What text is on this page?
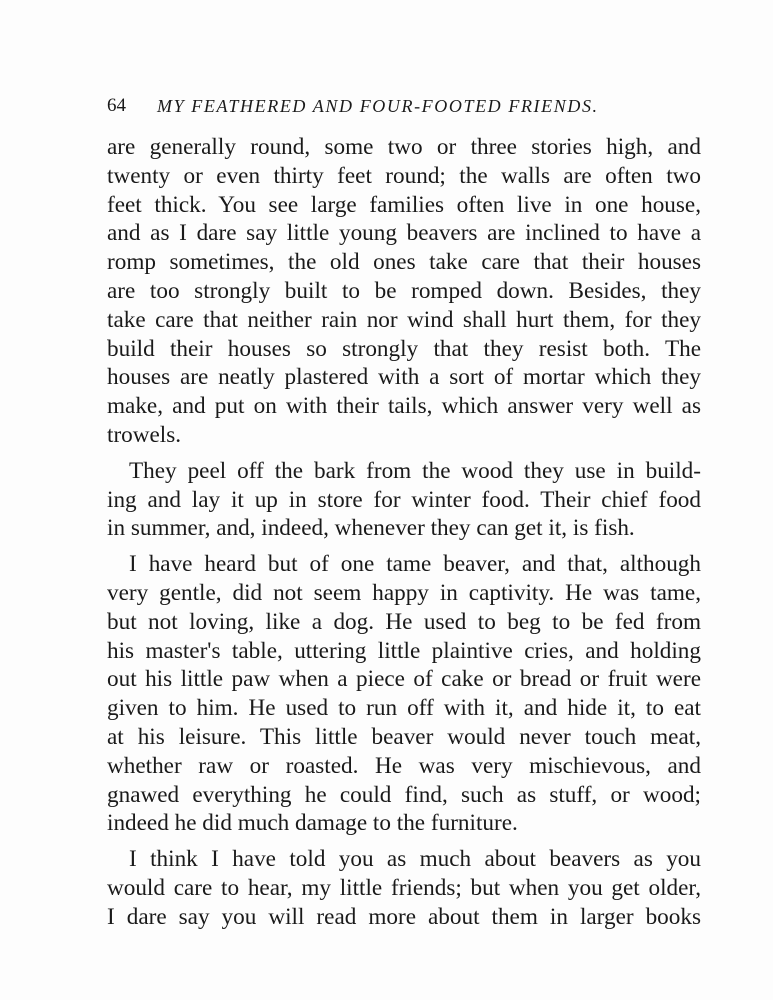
64 MY FEATHERED AND FOUR-FOOTED FRIENDS.
are generally round, some two or three stories high, and
twenty or even thirty feet round; the walls are often two
feet thick. You see large families often live in one house,
and as I dare say little young beavers are inclined to have a
romp sometimes, the old ones take care that their houses
are too strongly built to be romped down. Besides, they
take care that neither rain nor wind shall hurt them, for they
build their houses so strongly that they resist both. The
houses are neatly plastered with a sort of mortar which they
make, and put on with their tails, which answer very well as
trowels.
They peel off the bark from the wood they use in build-
ing and lay it up in store for winter food. Their chief food
in summer, and, indeed, whenever they can get it, is fish.
I have heard but of one tame beaver, and that, although
very gentle, did not seem happy in captivity. He was tame,
but not loving, like a dog. He used to beg to be fed from
his master's table, uttering little plaintive cries, and holding
out his little paw when a piece of cake or bread or fruit were
given to him. He used to run off with it, and hide it, to eat
at his leisure. This little beaver would never touch meat,
whether raw or roasted. He was very mischievous, and
gnawed everything he could find, such as stuff, or wood;
indeed he did much damage to the furniture.
I think I have told you as much about beavers as you
would care to hear, my little friends; but when you get older,
I dare say you will read more about them in larger books
